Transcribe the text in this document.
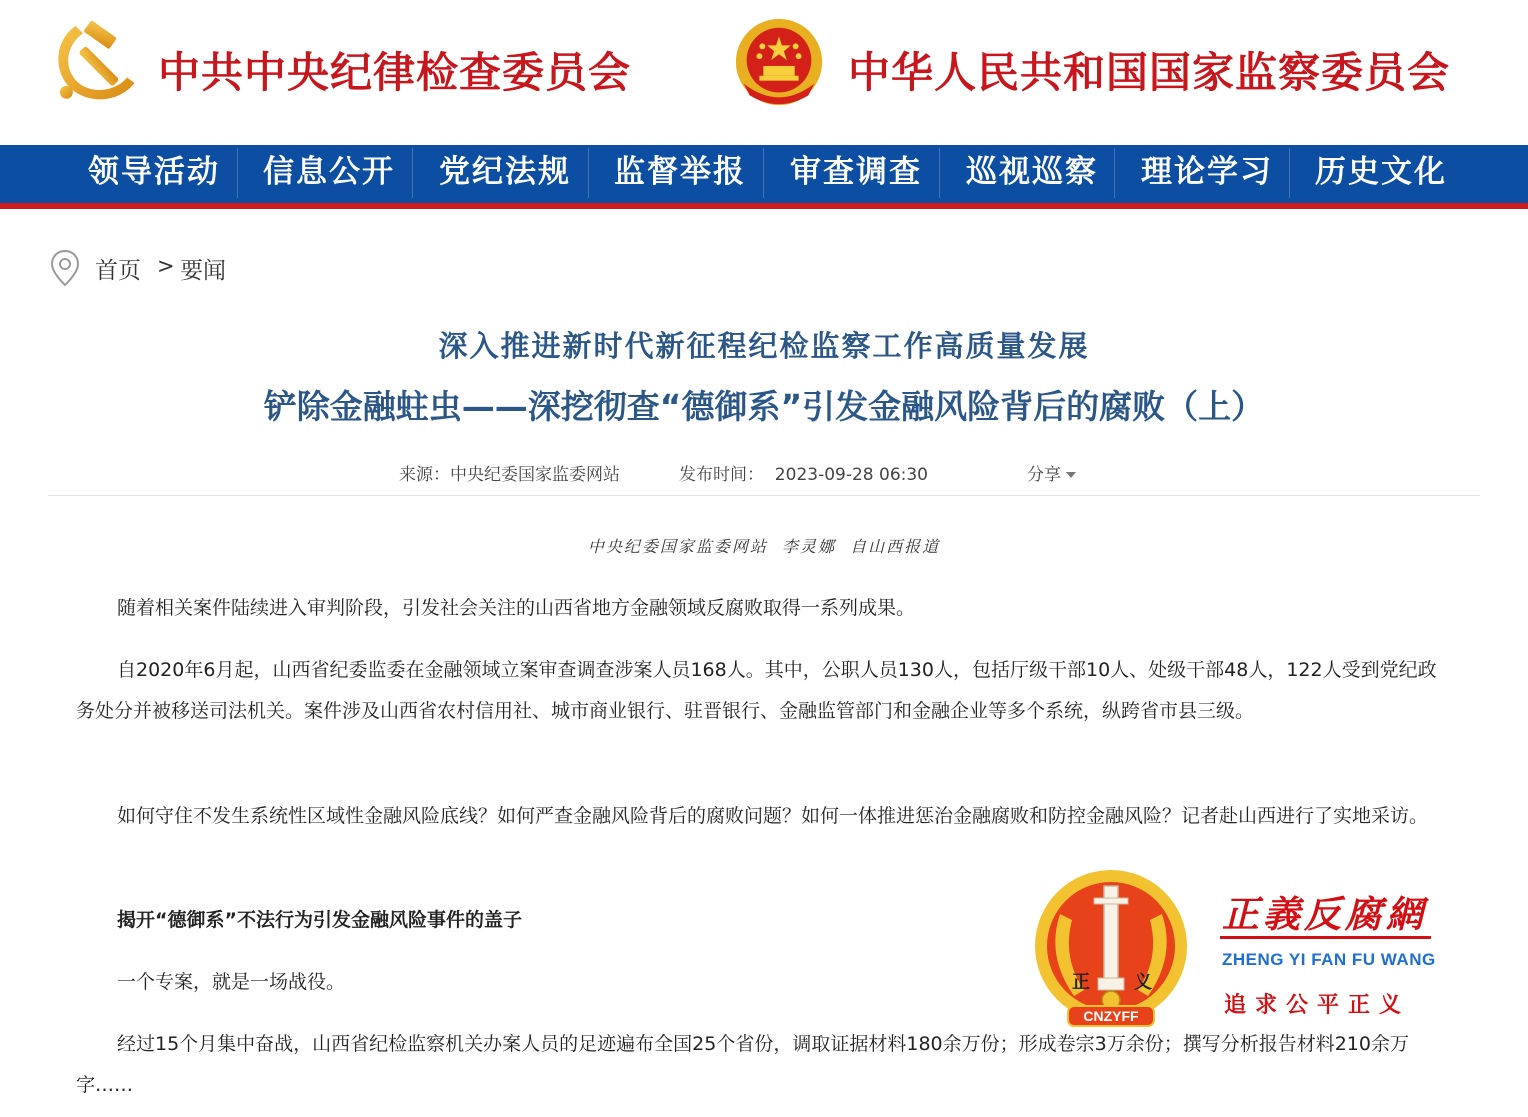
中共中央纪律检查委员会	中华人民共和国国家监察委员会
领导活动 信息公开 党纪法规 监督举报 审查调查 巡视巡察 理论学习 历史文化
首页 > 要闻
深入推进新时代新征程纪检监察工作高质量发展
铲除金融蛀虫——深挖彻查“德御系”引发金融风险背后的腐败（上）
来源：中央纪委国家监委网站	发布时间：  2023-09-28 06:30	分享
中央纪委国家监委网站  李灵娜  自山西报道
随着相关案件陆续进入审判阶段，引发社会关注的山西省地方金融领域反腐败取得一系列成果。
自2020年6月起，山西省纪委监委在金融领域立案审查调查涉案人员168人。其中，公职人员130人，包括厅级干部10人、处级干部48人，122人受到党纪政务处分并被移送司法机关。案件涉及山西省农村信用社、城市商业银行、驻晋银行、金融监管部门和金融企业等多个系统，纵跨省市县三级。
如何守住不发生系统性区域性金融风险底线？如何严查金融风险背后的腐败问题？如何一体推进惩治金融腐败和防控金融风险？记者赴山西进行了实地采访。
揭开“德御系”不法行为引发金融风险事件的盖子
一个专案，就是一场战役。
经过15个月集中奋战，山西省纪检监察机关办案人员的足迹遍布全国25个省份，调取证据材料180余万份；形成卷宗3万余份；撰写分析报告材料210余万字……
正 义
CNZYFF
正義反腐網
ZHENG YI FAN FU WANG
追求公平正义
